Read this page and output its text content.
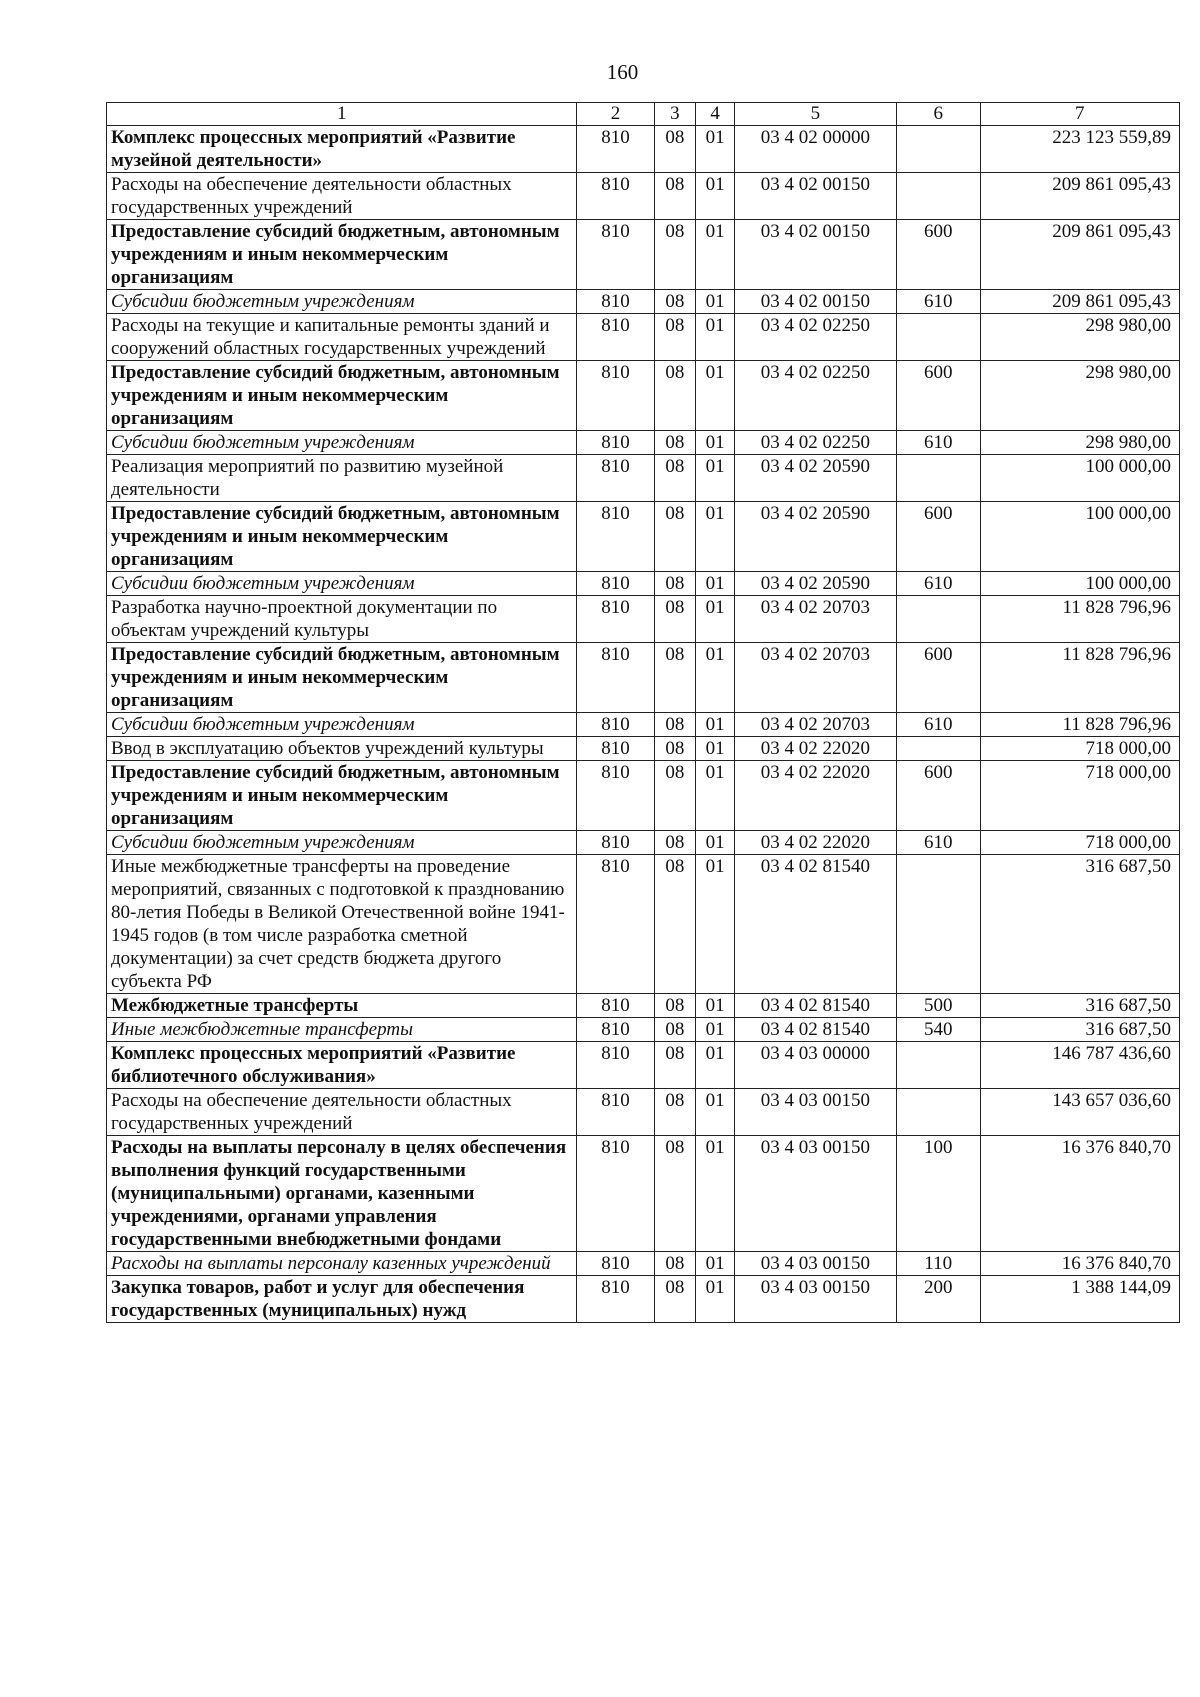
160
1	2	3	4	5	6	7
Комплекс процессных мероприятий «Развитие музейной деятельности»	810	08	01	03 4 02 00000		223 123 559,89
Расходы на обеспечение деятельности областных государственных учреждений	810	08	01	03 4 02 00150		209 861 095,43
Предоставление субсидий бюджетным, автономным учреждениям и иным некоммерческим организациям	810	08	01	03 4 02 00150	600	209 861 095,43
Субсидии бюджетным учреждениям	810	08	01	03 4 02 00150	610	209 861 095,43
Расходы на текущие и капитальные ремонты зданий и сооружений областных государственных учреждений	810	08	01	03 4 02 02250		298 980,00
Предоставление субсидий бюджетным, автономным учреждениям и иным некоммерческим организациям	810	08	01	03 4 02 02250	600	298 980,00
Субсидии бюджетным учреждениям	810	08	01	03 4 02 02250	610	298 980,00
Реализация мероприятий по развитию музейной деятельности	810	08	01	03 4 02 20590		100 000,00
Предоставление субсидий бюджетным, автономным учреждениям и иным некоммерческим организациям	810	08	01	03 4 02 20590	600	100 000,00
Субсидии бюджетным учреждениям	810	08	01	03 4 02 20590	610	100 000,00
Разработка научно-проектной документации по объектам учреждений культуры	810	08	01	03 4 02 20703		11 828 796,96
Предоставление субсидий бюджетным, автономным учреждениям и иным некоммерческим организациям	810	08	01	03 4 02 20703	600	11 828 796,96
Субсидии бюджетным учреждениям	810	08	01	03 4 02 20703	610	11 828 796,96
Ввод в эксплуатацию объектов учреждений культуры	810	08	01	03 4 02 22020		718 000,00
Предоставление субсидий бюджетным, автономным учреждениям и иным некоммерческим организациям	810	08	01	03 4 02 22020	600	718 000,00
Субсидии бюджетным учреждениям	810	08	01	03 4 02 22020	610	718 000,00
Иные межбюджетные трансферты на проведение мероприятий, связанных с подготовкой к празднованию 80-летия Победы в Великой Отечественной войне 1941-1945 годов (в том числе разработка сметной документации) за счет средств бюджета другого субъекта РФ	810	08	01	03 4 02 81540		316 687,50
Межбюджетные трансферты	810	08	01	03 4 02 81540	500	316 687,50
Иные межбюджетные трансферты	810	08	01	03 4 02 81540	540	316 687,50
Комплекс процессных мероприятий «Развитие библиотечного обслуживания»	810	08	01	03 4 03 00000		146 787 436,60
Расходы на обеспечение деятельности областных государственных учреждений	810	08	01	03 4 03 00150		143 657 036,60
Расходы на выплаты персоналу в целях обеспечения выполнения функций государственными (муниципальными) органами, казенными учреждениями, органами управления государственными внебюджетными фондами	810	08	01	03 4 03 00150	100	16 376 840,70
Расходы на выплаты персоналу казенных учреждений	810	08	01	03 4 03 00150	110	16 376 840,70
Закупка товаров, работ и услуг для обеспечения государственных (муниципальных) нужд	810	08	01	03 4 03 00150	200	1 388 144,09
